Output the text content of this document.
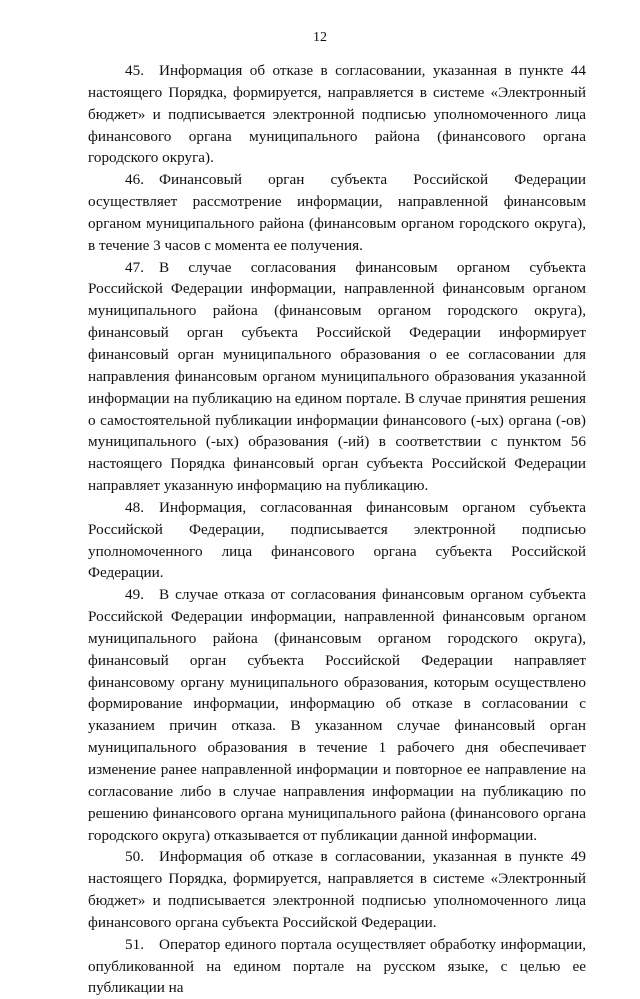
12

45. Информация об отказе в согласовании, указанная в пункте 44 настоящего Порядка, формируется, направляется в системе «Электронный бюджет» и подписывается электронной подписью уполномоченного лица финансового органа муниципального района (финансового органа городского округа).

46. Финансовый орган субъекта Российской Федерации осуществляет рассмотрение информации, направленной финансовым органом муниципального района (финансовым органом городского округа), в течение 3 часов с момента ее получения.

47. В случае согласования финансовым органом субъекта Российской Федерации информации, направленной финансовым органом муниципального района (финансовым органом городского округа), финансовый орган субъекта Российской Федерации информирует финансовый орган муниципального образования о ее согласовании для направления финансовым органом муниципального образования указанной информации на публикацию на едином портале. В случае принятия решения о самостоятельной публикации информации финансового (-ых) органа (-ов) муниципального (-ых) образования (-ий) в соответствии с пунктом 56 настоящего Порядка финансовый орган субъекта Российской Федерации направляет указанную информацию на публикацию.

48. Информация, согласованная финансовым органом субъекта Российской Федерации, подписывается электронной подписью уполномоченного лица финансового органа субъекта Российской Федерации.

49. В случае отказа от согласования финансовым органом субъекта Российской Федерации информации, направленной финансовым органом муниципального района (финансовым органом городского округа), финансовый орган субъекта Российской Федерации направляет финансовому органу муниципального образования, которым осуществлено формирование информации, информацию об отказе в согласовании с указанием причин отказа. В указанном случае финансовый орган муниципального образования в течение 1 рабочего дня обеспечивает изменение ранее направленной информации и повторное ее направление на согласование либо в случае направления информации на публикацию по решению финансового органа муниципального района (финансового органа городского округа) отказывается от публикации данной информации.

50. Информация об отказе в согласовании, указанная в пункте 49 настоящего Порядка, формируется, направляется в системе «Электронный бюджет» и подписывается электронной подписью уполномоченного лица финансового органа субъекта Российской Федерации.

51. Оператор единого портала осуществляет обработку информации, опубликованной на едином портале на русском языке, с целью ее публикации на
